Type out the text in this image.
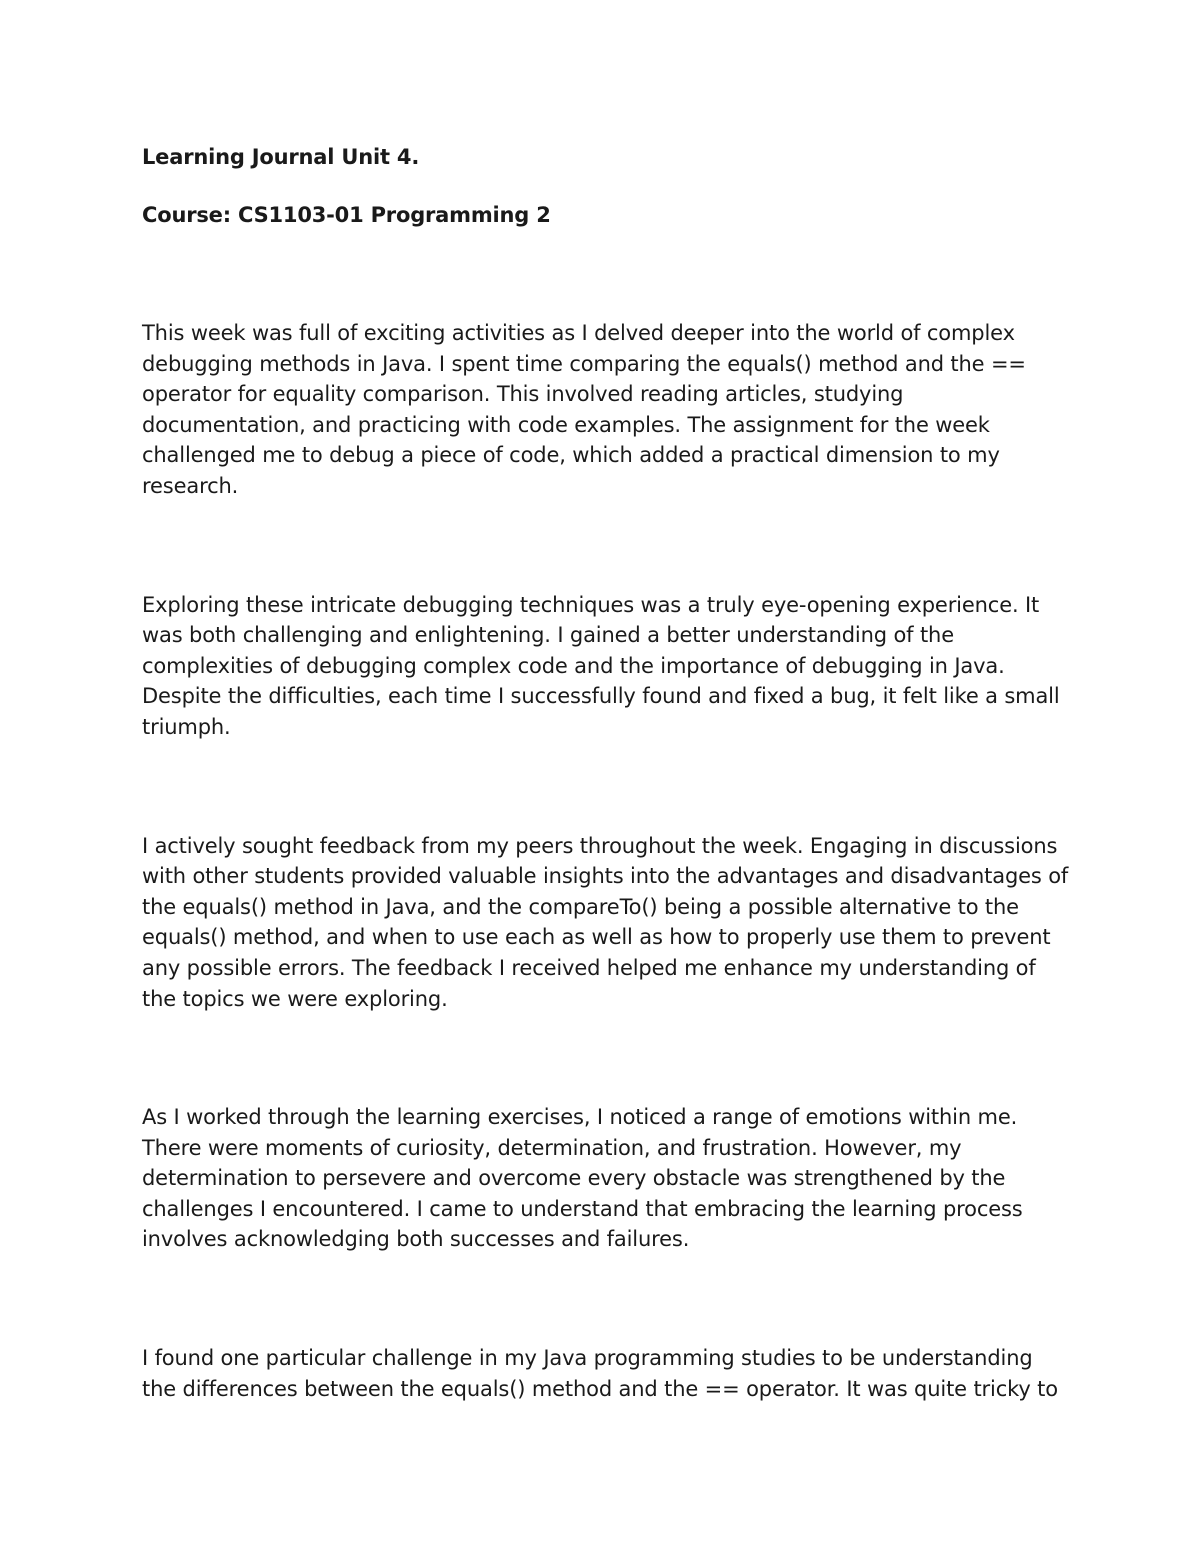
Learning Journal Unit 4.

Course: CS1103-01 Programming 2

This week was full of exciting activities as I delved deeper into the world of complex debugging methods in Java. I spent time comparing the equals() method and the == operator for equality comparison. This involved reading articles, studying documentation, and practicing with code examples. The assignment for the week challenged me to debug a piece of code, which added a practical dimension to my research.

Exploring these intricate debugging techniques was a truly eye-opening experience. It was both challenging and enlightening. I gained a better understanding of the complexities of debugging complex code and the importance of debugging in Java. Despite the difficulties, each time I successfully found and fixed a bug, it felt like a small triumph.

I actively sought feedback from my peers throughout the week. Engaging in discussions with other students provided valuable insights into the advantages and disadvantages of the equals() method in Java, and the compareTo() being a possible alternative to the equals() method, and when to use each as well as how to properly use them to prevent any possible errors. The feedback I received helped me enhance my understanding of the topics we were exploring.

As I worked through the learning exercises, I noticed a range of emotions within me. There were moments of curiosity, determination, and frustration. However, my determination to persevere and overcome every obstacle was strengthened by the challenges I encountered. I came to understand that embracing the learning process involves acknowledging both successes and failures.

I found one particular challenge in my Java programming studies to be understanding the differences between the equals() method and the == operator. It was quite tricky to
